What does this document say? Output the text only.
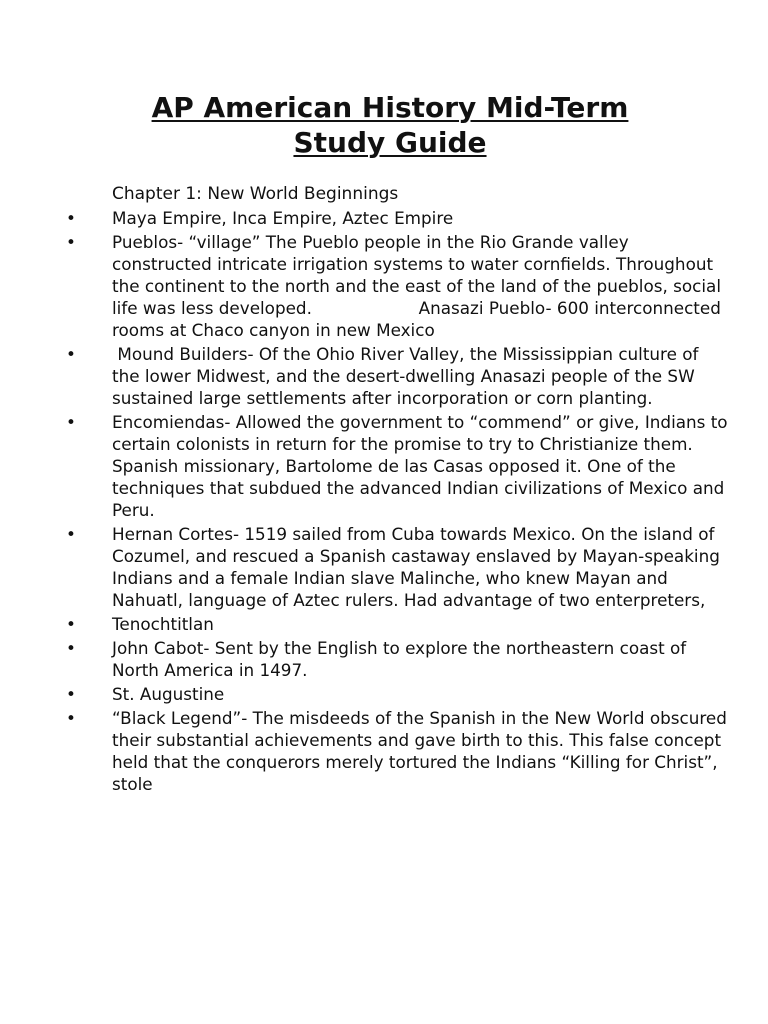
AP American History Mid-Term
Study Guide

Chapter 1: New World Beginnings

• Maya Empire, Inca Empire, Aztec Empire
• Pueblos- “village” The Pueblo people in the Rio Grande valley constructed intricate irrigation systems to water cornfields. Throughout the continent to the north and the east of the land of the pueblos, social life was less developed.                    Anasazi Pueblo- 600 interconnected rooms at Chaco canyon in new Mexico
• Mound Builders- Of the Ohio River Valley, the Mississippian culture of the lower Midwest, and the desert-dwelling Anasazi people of the SW sustained large settlements after incorporation or corn planting.
• Encomiendas- Allowed the government to “commend” or give, Indians to certain colonists in return for the promise to try to Christianize them. Spanish missionary, Bartolome de las Casas opposed it. One of the techniques that subdued the advanced Indian civilizations of Mexico and Peru.
• Hernan Cortes- 1519 sailed from Cuba towards Mexico. On the island of Cozumel, and rescued a Spanish castaway enslaved by Mayan-speaking Indians and a female Indian slave Malinche, who knew Mayan and Nahuatl, language of Aztec rulers. Had advantage of two enterpreters,
• Tenochtitlan
• John Cabot- Sent by the English to explore the northeastern coast of North America in 1497.
• St. Augustine
• “Black Legend”- The misdeeds of the Spanish in the New World obscured their substantial achievements and gave birth to this. This false concept held that the conquerors merely tortured the Indians “Killing for Christ”, stole
